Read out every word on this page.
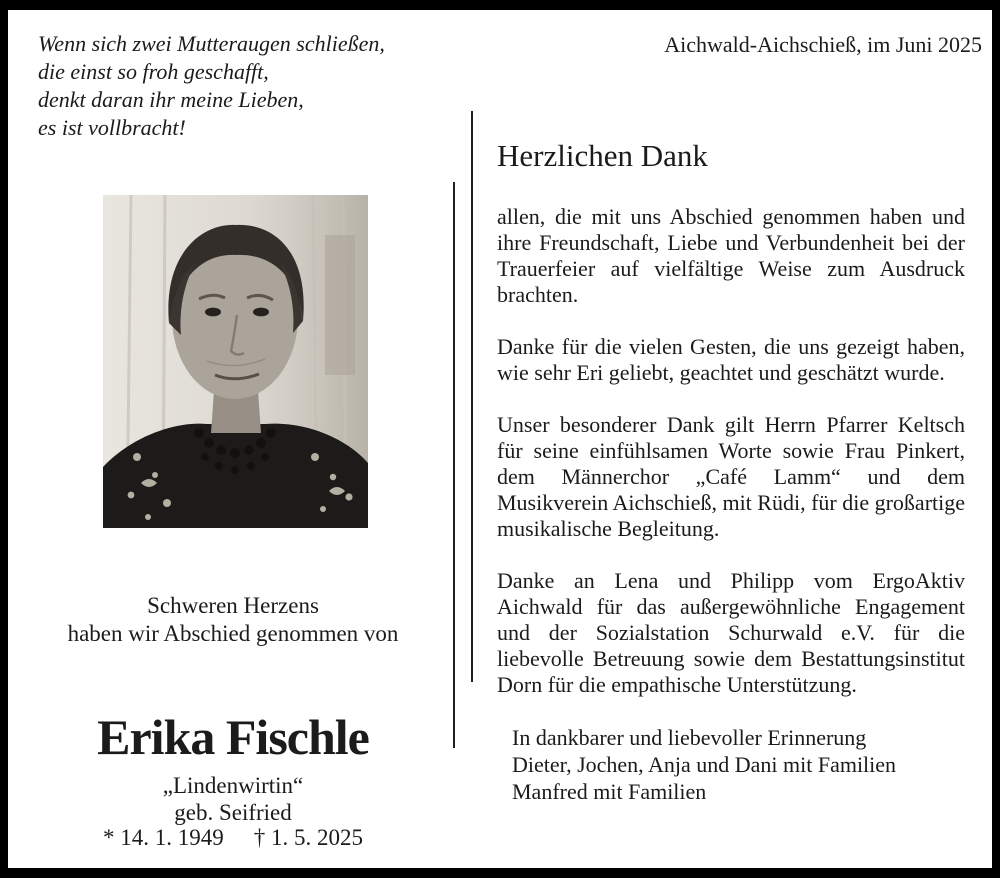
Wenn sich zwei Mutteraugen schließen,
die einst so froh geschafft,
denkt daran ihr meine Lieben,
es ist vollbracht!
Aichwald-Aichschieß, im Juni 2025
Schweren Herzens
haben wir Abschied genommen von
Erika Fischle
„Lindenwirtin“
geb. Seifried
* 14. 1. 1949 † 1. 5. 2025
Herzlichen Dank

allen, die mit uns Abschied genommen haben und ihre Freundschaft, Liebe und Verbundenheit bei der Trauerfeier auf vielfältige Weise zum Ausdruck brachten.

Danke für die vielen Gesten, die uns gezeigt haben, wie sehr Eri geliebt, geachtet und geschätzt wurde.

Unser besonderer Dank gilt Herrn Pfarrer Keltsch für seine einfühlsamen Worte sowie Frau Pinkert, dem Männerchor „Café Lamm“ und dem Musikverein Aichschieß, mit Rüdi, für die großartige musikalische Begleitung.

Danke an Lena und Philipp vom ErgoAktiv Aichwald für das außergewöhnliche Engagement und der Sozialstation Schurwald e.V. für die liebevolle Betreuung sowie dem Bestattungsinstitut Dorn für die empathische Unterstützung.

In dankbarer und liebevoller Erinnerung
Dieter, Jochen, Anja und Dani mit Familien
Manfred mit Familien
